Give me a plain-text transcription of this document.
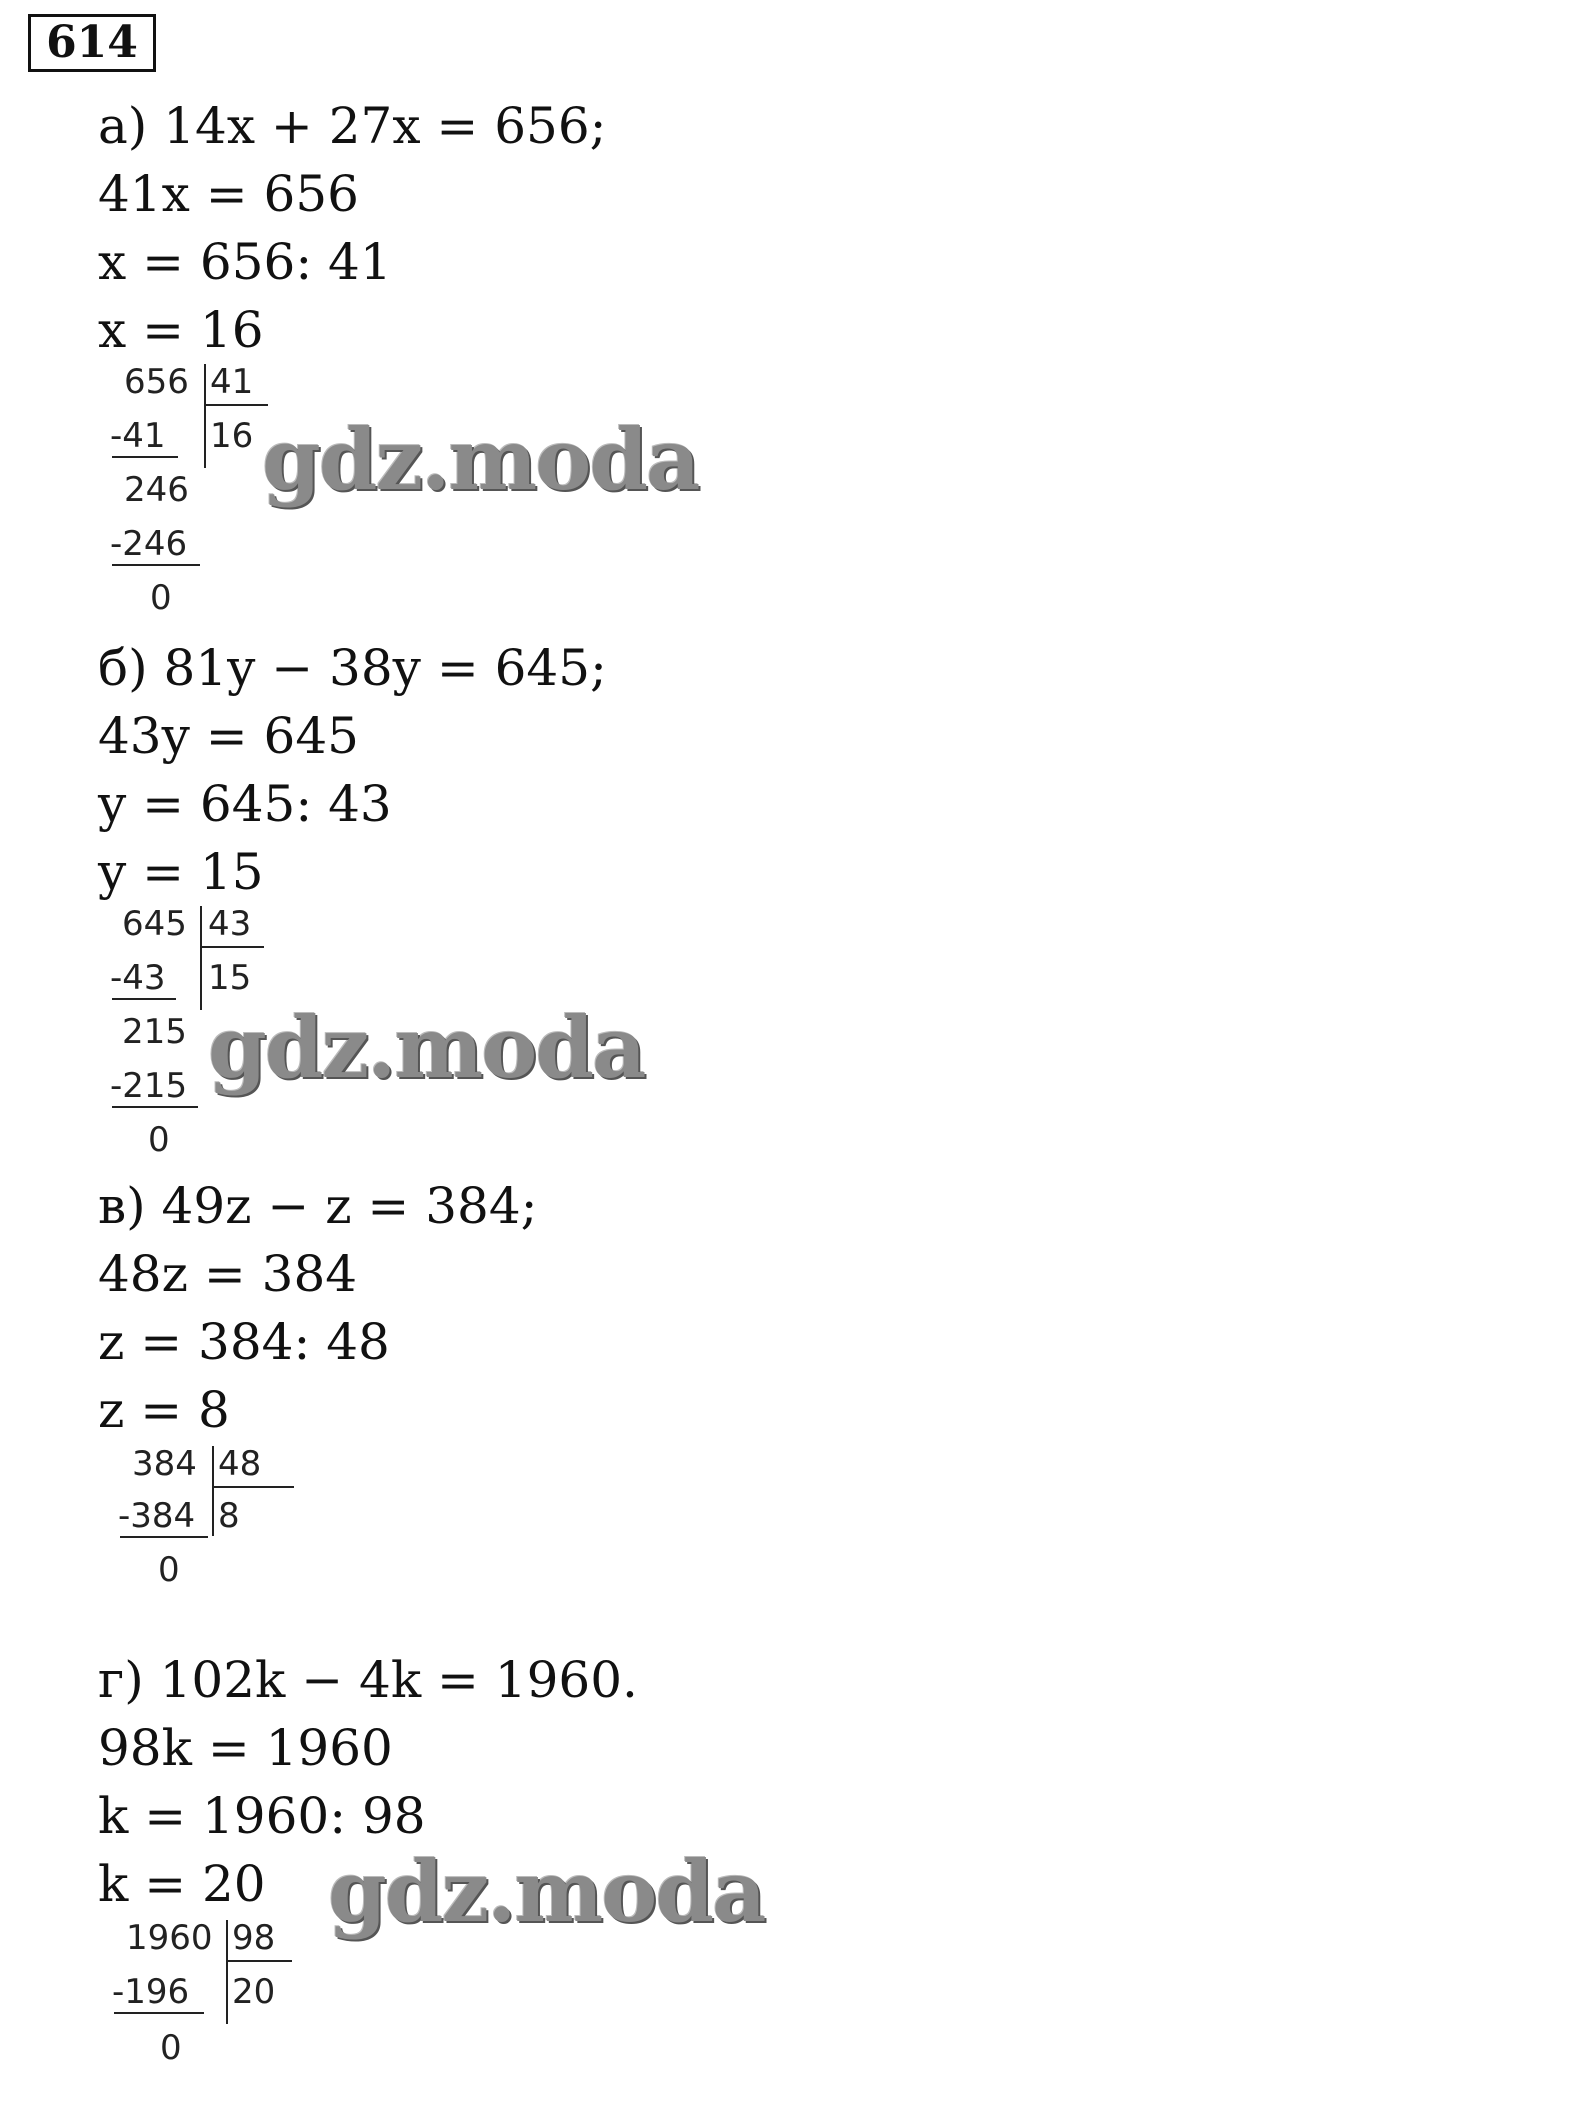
614
а) 14x + 27x = 656;
41x = 656
x = 656: 41
x = 16
656 41
-41 16
246
-246
0
gdz.moda
б) 81y − 38y = 645;
43y = 645
y = 645: 43
y = 15
645 43
-43 15
215
-215
0
gdz.moda
в) 49z − z = 384;
48z = 384
z = 384: 48
z = 8
384 48
-384 8
0
г) 102k − 4k = 1960.
98k = 1960
k = 1960: 98
k = 20 gdz.moda
1960 98
-196 20
0
